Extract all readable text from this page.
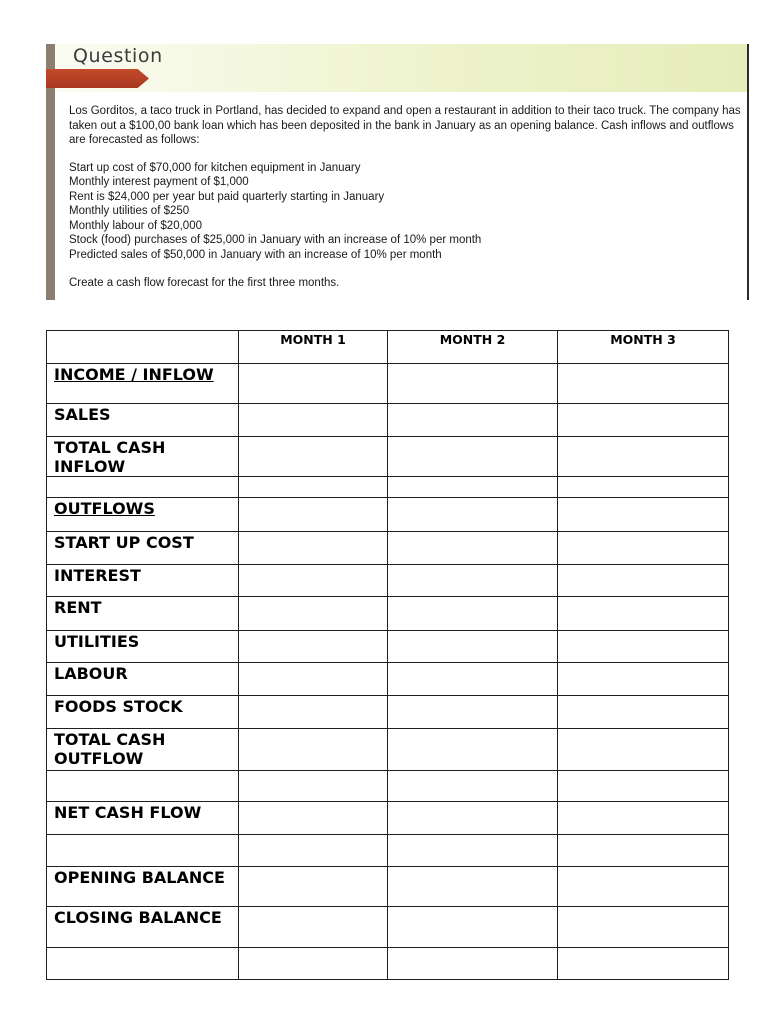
Question

Los Gorditos, a taco truck in Portland, has decided to expand and open a restaurant in addition to their taco truck. The company has taken out a $100,00 bank loan which has been deposited in the bank in January as an opening balance. Cash inflows and outflows are forecasted as follows:

Start up cost of $70,000 for kitchen equipment in January

Monthly interest payment of $1,000

Rent is $24,000 per year but paid quarterly starting in January

Monthly utilities of $250

Monthly labour of $20,000

Stock (food) purchases of $25,000 in January with an increase of 10% per month

Predicted sales of $50,000 in January with an increase of 10% per month

Create a cash flow forecast for the first three months.

	MONTH 1	MONTH 2	MONTH 3
INCOME / INFLOW			
SALES			
TOTAL CASH INFLOW			

OUTFLOWS			
START UP COST			
INTEREST			
RENT			
UTILITIES			
LABOUR			
FOODS STOCK			
TOTAL CASH OUTFLOW			

NET CASH FLOW			

OPENING BALANCE			
CLOSING BALANCE			
